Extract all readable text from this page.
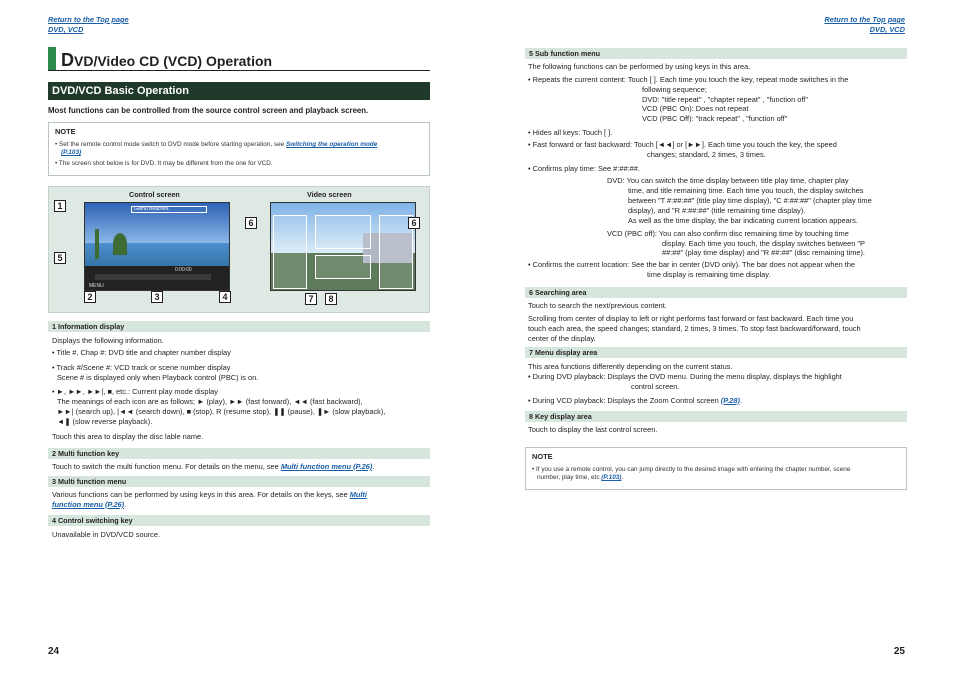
Return to the Top page
DVD, VCD
DVD/Video CD (VCD) Operation
DVD/VCD Basic Operation
Most functions can be controlled from the source control screen and playback screen.
NOTE
• Set the remote control mode switch to DVD mode before starting operation, see Switching the operation mode
(P.103)
• The screen shot below is for DVD. It may be different from the one for VCD.
Control screen	Video screen
Gamu Beaches
0:00:00
MENU
1
5
2	3	4
6	6
7	8
1 Information display
Displays the following information.
• Title #, Chap #: DVD title and chapter number display
• Track #/Scene #: VCD track or scene number display
Scene # is displayed only when Playback control (PBC) is on.
• ►, ►►, ►►|, ■, etc.: Current play mode display
The meanings of each icon are as follows; ► (play), ►► (fast forward), ◄◄ (fast backward),
►►| (search up), |◄◄ (search down), ■ (stop), R (resume stop), ❚❚ (pause), ❚► (slow playback),
◄❚ (slow reverse playback).
Touch this area to display the disc lable name.
2 Multi function key
Touch to switch the multi function menu. For details on the menu, see Multi function menu (P.26).
3 Multi function menu
Various functions can be performed by using keys in this area. For details on the keys, see Multi
function menu (P.26).
4 Control switching key
Unavailable in DVD/VCD source.
24
Return to the Top page
DVD, VCD
5 Sub function menu
The following functions can be performed by using keys in this area.
• Repeats the current content: Touch [ ]. Each time you touch the key, repeat mode switches in the
following sequence;
DVD: "title repeat" , "chapter repeat" , "function off"
VCD (PBC On): Does not repeat
VCD (PBC Off): "track repeat" , "function off"
• Hides all keys: Touch [ ].
• Fast forward or fast backward: Touch [◄◄] or [►►]. Each time you touch the key, the speed
changes; standard, 2 times, 3 times.
• Confirms play time: See #:##:##.
DVD: You can switch the time display between title play time, chapter play
time, and title remaining time. Each time you touch, the display switches
between "T #:##:##" (title play time display), "C #:##:##" (chapter play time
display), and "R #:##:##" (title remaining time display).
As well as the time display, the bar indicating current location appears.
VCD (PBC off): You can also confirm disc remaining time by touching time
display. Each time you touch, the display switches between "P
##:##" (play time display) and "R ##:##" (disc remaining time).
• Confirms the current location: See the bar in center (DVD only). The bar does not appear when the
time display is remaining time display.
6 Searching area
Touch to search the next/previous content.
Scrolling from center of display to left or right performs fast forward or fast backward. Each time you
touch each area, the speed changes; standard, 2 times, 3 times. To stop fast backward/forward, touch
center of the display.
7 Menu display area
This area functions differently depending on the current status.
• During DVD playback: Displays the DVD menu. During the menu display, displays the highlight
control screen.
• During VCD playback: Displays the Zoom Control screen (P.28).
8 Key display area
Touch to display the last control screen.
NOTE
• If you use a remote control, you can jump directly to the desired image with entering the chapter number, scene
number, play time, etc (P.103).
25
